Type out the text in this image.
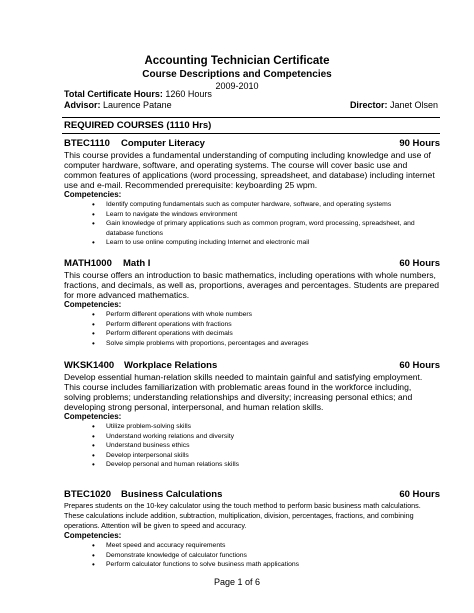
Accounting Technician Certificate
Course Descriptions and Competencies
2009-2010
Total Certificate Hours: 1260 Hours
Advisor: Laurence Patane	Director: Janet Olsen
REQUIRED COURSES (1110 Hrs)
BTEC1110 Computer Literacy	90 Hours
This course provides a fundamental understanding of computing including knowledge and use of computer hardware, software, and operating systems. The course will cover basic use and common features of applications (word processing, spreadsheet, and database) including internet use and e-mail. Recommended prerequisite: keyboarding 25 wpm.
Competencies:
• Identify computing fundamentals such as computer hardware, software, and operating systems
• Learn to navigate the windows environment
• Gain knowledge of primary applications such as common program, word processing, spreadsheet, and database functions
• Learn to use online computing including Internet and electronic mail
MATH1000 Math I	60 Hours
This course offers an introduction to basic mathematics, including operations with whole numbers, fractions, and decimals, as well as, proportions, averages and percentages. Students are prepared for more advanced mathematics.
Competencies:
• Perform different operations with whole numbers
• Perform different operations with fractions
• Perform different operations with decimals
• Solve simple problems with proportions, percentages and averages
WKSK1400 Workplace Relations	60 Hours
Develop essential human-relation skills needed to maintain gainful and satisfying employment. This course includes familiarization with problematic areas found in the workforce including, solving problems; understanding relationships and diversity; increasing personal ethics; and developing strong personal, interpersonal, and human relation skills.
Competencies:
• Utilize problem-solving skills
• Understand working relations and diversity
• Understand business ethics
• Develop interpersonal skills
• Develop personal and human relations skills
BTEC1020 Business Calculations	60 Hours
Prepares students on the 10-key calculator using the touch method to perform basic business math calculations. These calculations include addition, subtraction, multiplication, division, percentages, fractions, and combining operations. Attention will be given to speed and accuracy.
Competencies:
• Meet speed and accuracy requirements
• Demonstrate knowledge of calculator functions
• Perform calculator functions to solve business math applications
Page 1 of 6
